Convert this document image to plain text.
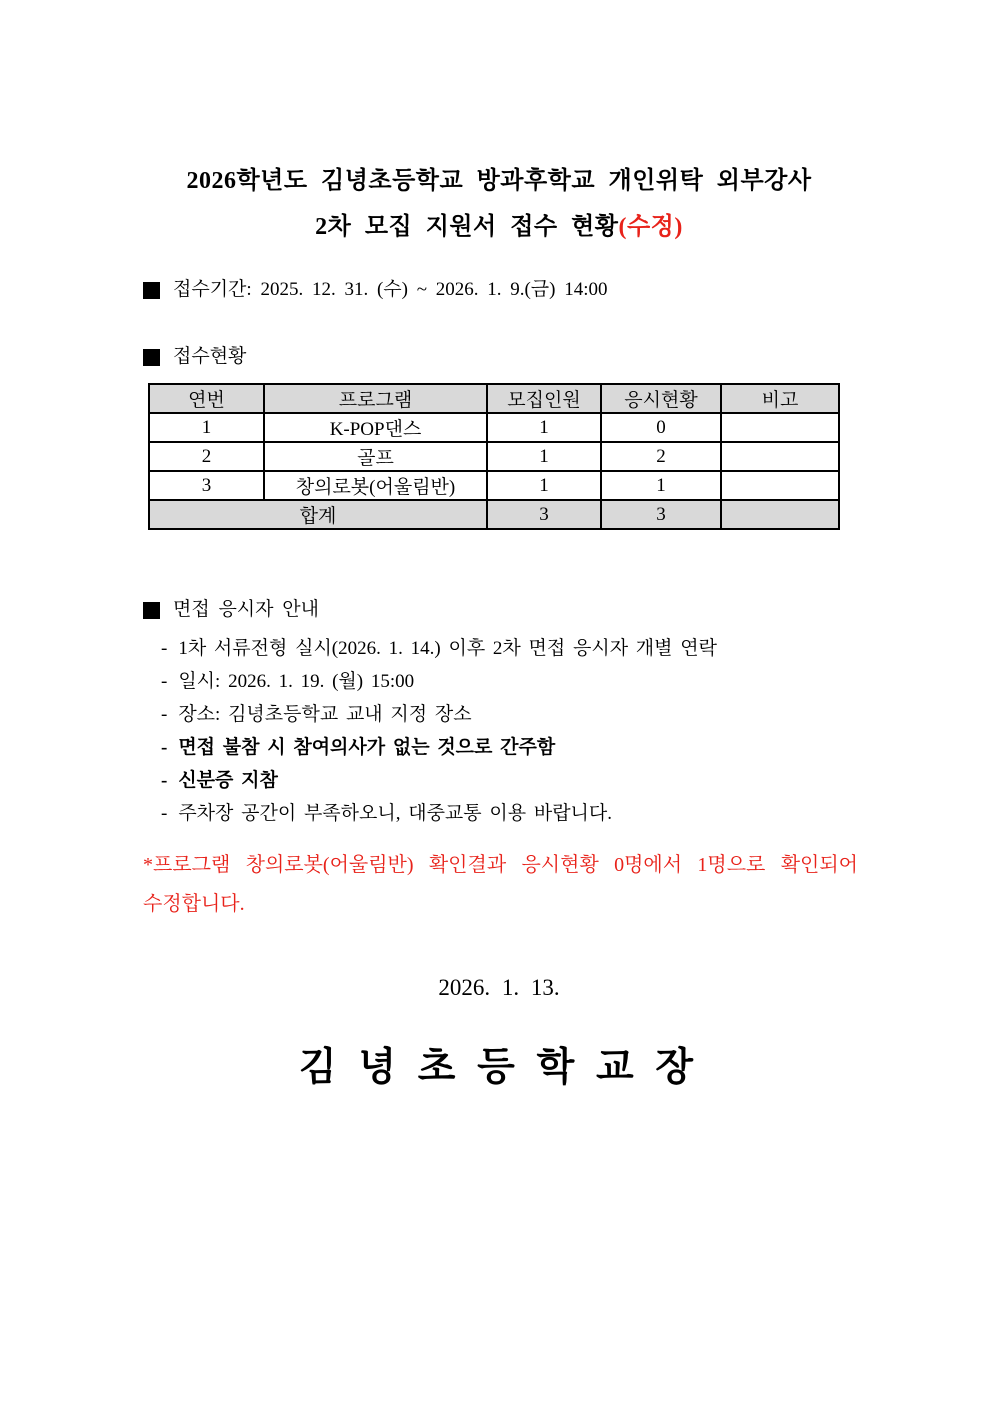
2026학년도 김녕초등학교 방과후학교 개인위탁 외부강사
2차 모집 지원서 접수 현황(수정)
접수기간: 2025. 12. 31. (수) ~ 2026. 1. 9.(금) 14:00
접수현황
연번	프로그램	모집인원	응시현황	비고
1	K-POP댄스	1	0	
2	골프	1	2	
3	창의로봇(어울림반)	1	1	
합계		3	3	
면접 응시자 안내
- 1차 서류전형 실시(2026. 1. 14.) 이후 2차 면접 응시자 개별 연락
- 일시: 2026. 1. 19. (월) 15:00
- 장소: 김녕초등학교 교내 지정 장소
- 면접 불참 시 참여의사가 없는 것으로 간주함
- 신분증 지참
- 주차장 공간이 부족하오니, 대중교통 이용 바랍니다.
*프로그램 창의로봇(어울림반) 확인결과 응시현황 0명에서 1명으로 확인되어 수정합니다.
2026. 1. 13.
김 녕 초 등 학 교 장
